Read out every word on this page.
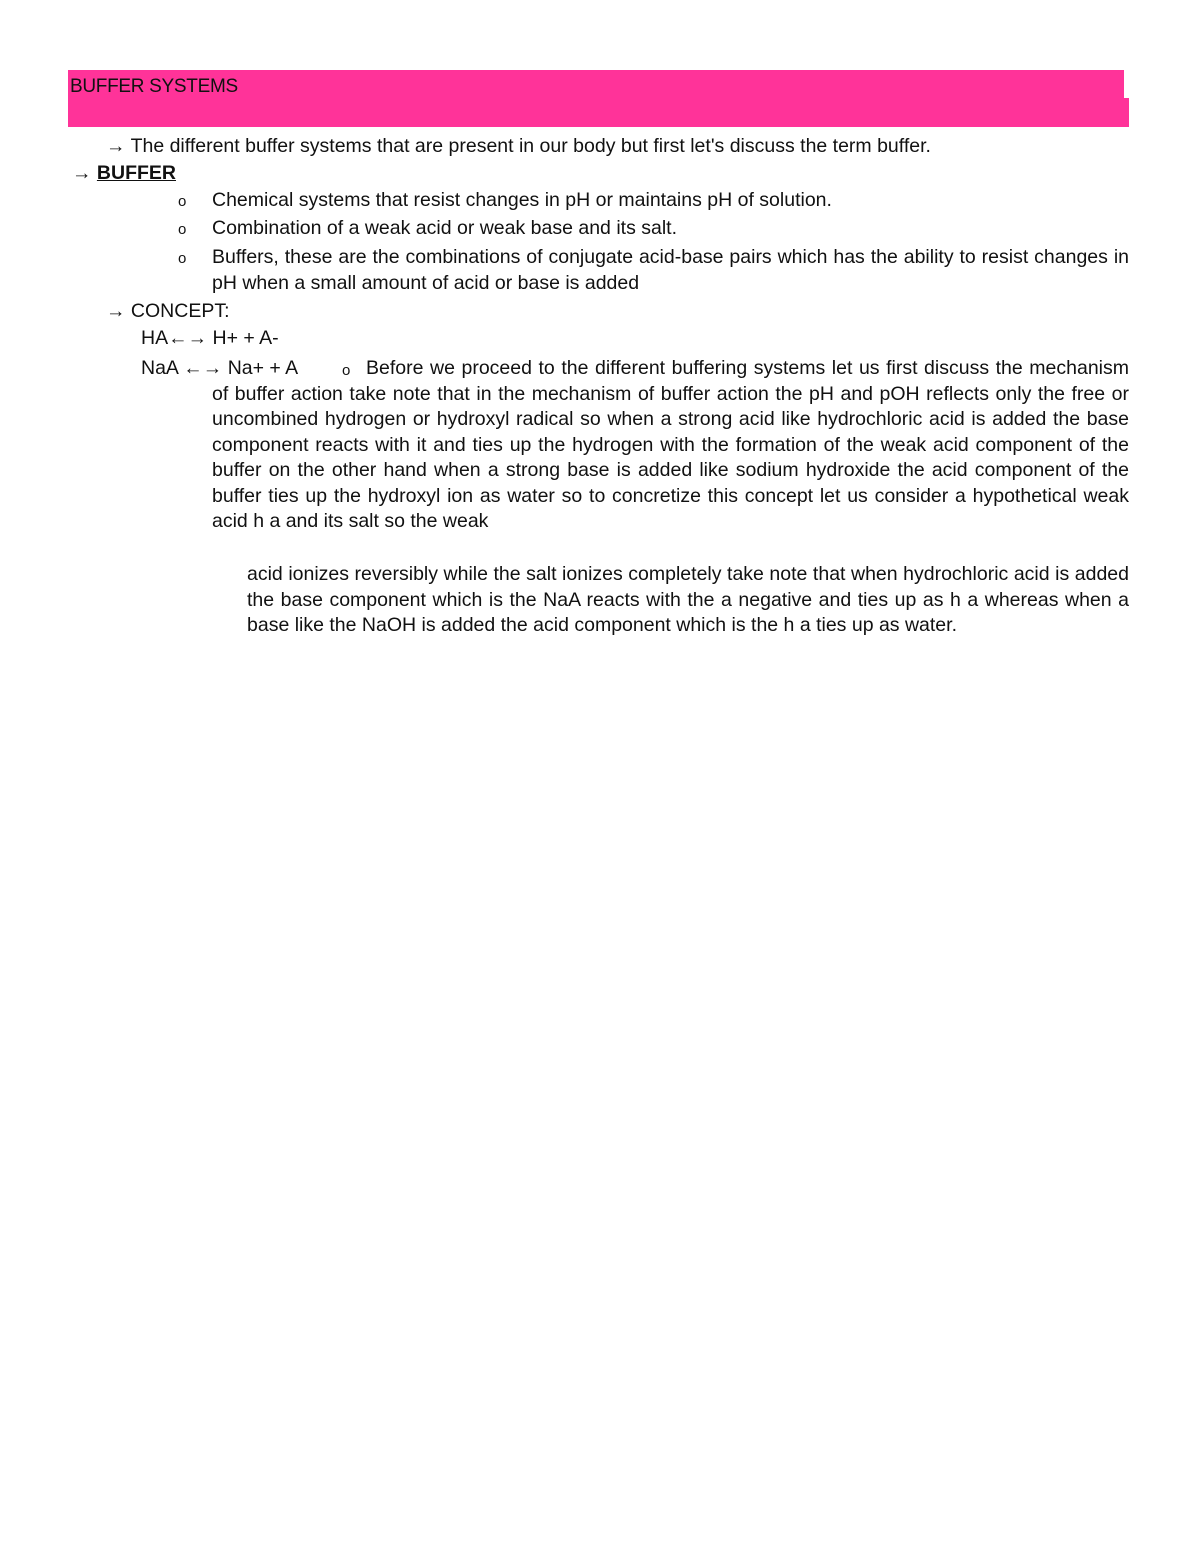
BUFFER SYSTEMS
→ The different buffer systems that are present in our body but first let's discuss the term buffer.
→ BUFFER
o Chemical systems that resist changes in pH or maintains pH of solution.
o Combination of a weak acid or weak base and its salt.
o Buffers, these are the combinations of conjugate acid-base pairs which has the ability to resist changes in pH when a small amount of acid or base is added
→ CONCEPT:
HA←→ H+ + A-
NaA ←→ Na+ + A	o Before we proceed to the different buffering systems let us first discuss the mechanism of buffer action take note that in the mechanism of buffer action the pH and pOH reflects only the free or uncombined hydrogen or hydroxyl radical so when a strong acid like hydrochloric acid is added the base component reacts with it and ties up the hydrogen with the formation of the weak acid component of the buffer on the other hand when a strong base is added like sodium hydroxide the acid component of the buffer ties up the hydroxyl ion as water so to concretize this concept let us consider a hypothetical weak acid h a and its salt so the weak
acid ionizes reversibly while the salt ionizes completely take note that when hydrochloric acid is added the base component which is the NaA reacts with the a negative and ties up as h a whereas when a base like the NaOH is added the acid component which is the h a ties up as water.
